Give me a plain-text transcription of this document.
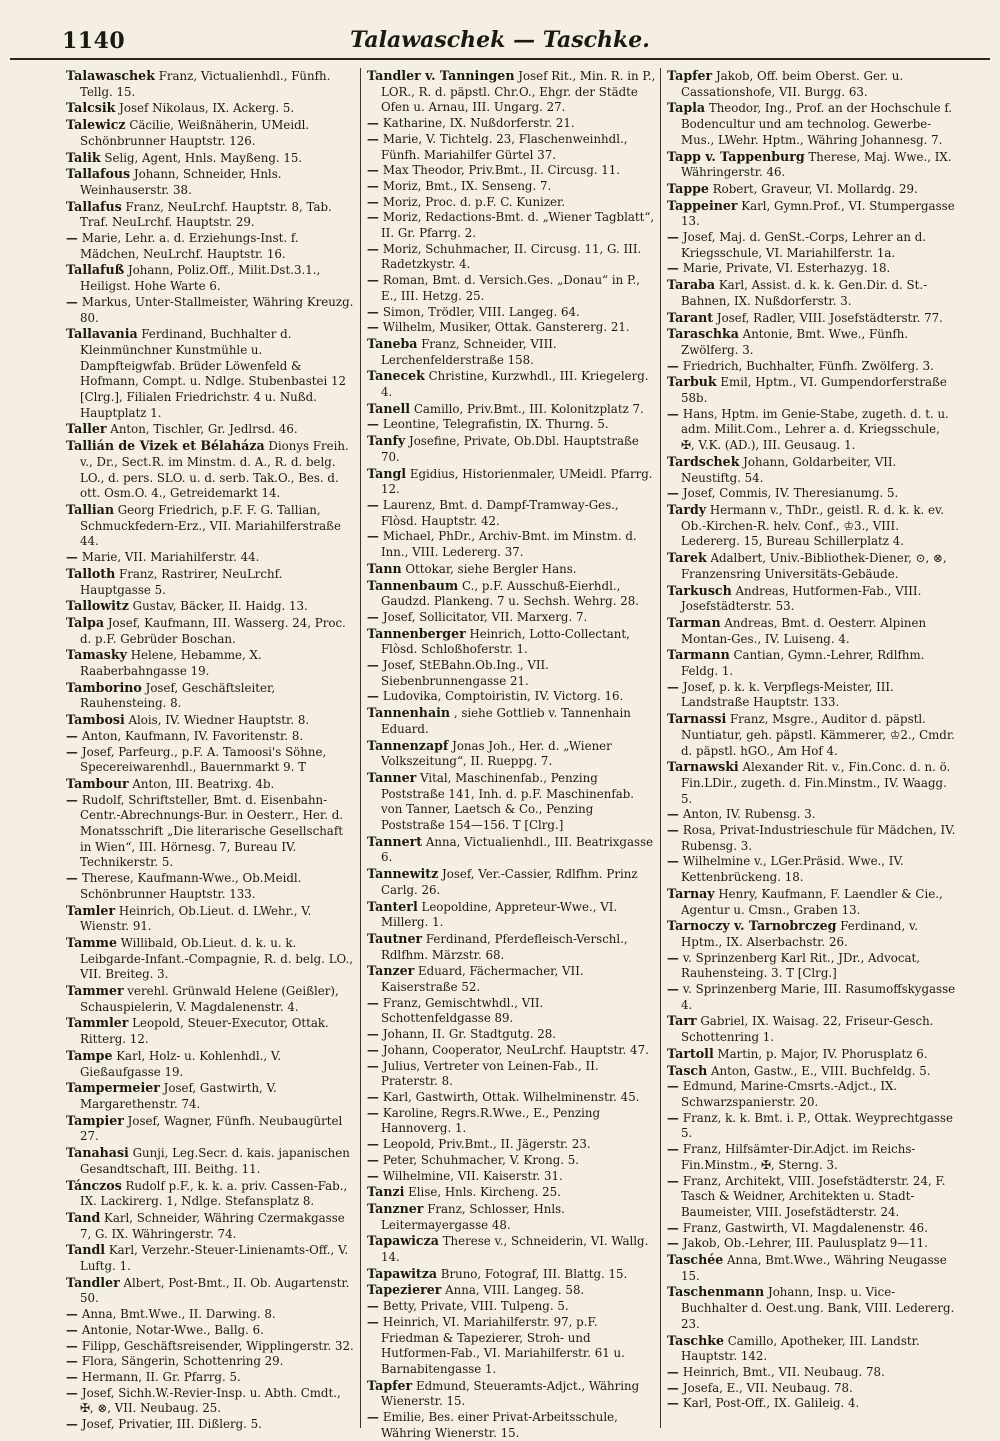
1140	Talawaschek — Taschke.

Talawaschek Franz, Victualienhdl., Fünfh. Tellg. 15.

Talcsik Josef Nikolaus, IX. Ackerg. 5.

Talewicz Cäcilie, Weißnäherin, UMeidl. Schönbrunner Hauptstr. 126.

Talik Selig, Agent, Hnls. Mayßeng. 15.

Tallafous Johann, Schneider, Hnls. Weinhauserstr. 38.

Tallafus Franz, NeuLrchf. Hauptstr. 8, Tab. Traf. NeuLrchf. Hauptstr. 29.

— Marie, Lehr. a. d. Erziehungs-Inst. f. Mädchen, NeuLrchf. Hauptstr. 16.

Tallafuß Johann, Poliz.Off., Milit.Dst.3.1., Heiligst. Hohe Warte 6.

— Markus, Unter-Stallmeister, Währing Kreuzg. 80.

Tallavania Ferdinand, Buchhalter d. Kleinmünchner Kunstmühle u. Dampfteigwfab. Brüder Löwenfeld & Hofmann, Compt. u. Ndlge. Stubenbastei 12 [Clrg.], Filialen Friedrichstr. 4 u. Nußd. Hauptplatz 1.

Taller Anton, Tischler, Gr. Jedlrsd. 46.

Tallián de Vizek et Bélaháza Dionys Freih. v., Dr., Sect.R. im Minstm. d. A., R. d. belg. LO., d. pers. SLO. u. d. serb. Tak.O., Bes. d. ott. Osm.O. 4., Getreidemarkt 14.

Tallian Georg Friedrich, p.F. F. G. Tallian, Schmuckfedern-Erz., VII. Mariahilferstraße 44.

— Marie, VII. Mariahilferstr. 44.

Talloth Franz, Rastrirer, NeuLrchf. Hauptgasse 5.

Tallowitz Gustav, Bäcker, II. Haidg. 13.

Talpa Josef, Kaufmann, III. Wasserg. 24, Proc. d. p.F. Gebrüder Boschan.

Tamasky Helene, Hebamme, X. Raaberbahngasse 19.

Tamborino Josef, Geschäftsleiter, Rauhensteing. 8.

Tambosi Alois, IV. Wiedner Hauptstr. 8.

— Anton, Kaufmann, IV. Favoritenstr. 8.

— Josef, Parfeurg., p.F. A. Tamoosi's Söhne, Specereiwarenhdl., Bauernmarkt 9. T

Tambour Anton, III. Beatrixg. 4b.

— Rudolf, Schriftsteller, Bmt. d. Eisenbahn-Centr.-Abrechnungs-Bur. in Oesterr., Her. d. Monatsschrift „Die literarische Gesellschaft in Wien“, III. Hörnesg. 7, Bureau IV. Technikerstr. 5.

— Therese, Kaufmann-Wwe., Ob.Meidl. Schönbrunner Hauptstr. 133.

Tamler Heinrich, Ob.Lieut. d. LWehr., V. Wienstr. 91.

Tamme Willibald, Ob.Lieut. d. k. u. k. Leibgarde-Infant.-Compagnie, R. d. belg. LO., VII. Breiteg. 3.

Tammer verehl. Grünwald Helene (Geißler), Schauspielerin, V. Magdalenenstr. 4.

Tammler Leopold, Steuer-Executor, Ottak. Ritterg. 12.

Tampe Karl, Holz- u. Kohlenhdl., V. Gießaufgasse 19.

Tampermeier Josef, Gastwirth, V. Margarethenstr. 74.

Tampier Josef, Wagner, Fünfh. Neubaugürtel 27.

Tanahasi Gunji, Leg.Secr. d. kais. japanischen Gesandtschaft, III. Beithg. 11.

Tánczos Rudolf p.F., k. k. a. priv. Cassen-Fab., IX. Lackirerg. 1, Ndlge. Stefansplatz 8.

Tand Karl, Schneider, Währing Czermakgasse 7, G. IX. Währingerstr. 74.

Tandl Karl, Verzehr.-Steuer-Linienamts-Off., V. Luftg. 1.

Tandler Albert, Post-Bmt., II. Ob. Augartenstr. 50.

— Anna, Bmt.Wwe., II. Darwing. 8.

— Antonie, Notar-Wwe., Ballg. 6.

— Filipp, Geschäftsreisender, Wipplingerstr. 32.

— Flora, Sängerin, Schottenring 29.

— Hermann, II. Gr. Pfarrg. 5.

— Josef, Sichh.W.-Revier-Insp. u. Abth. Cmdt., ✠, ⊗, VII. Neubaug. 25.

— Josef, Privatier, III. Dißlerg. 5.

Tandler v. Tanningen Josef Rit., Min. R. in P., LOR., R. d. päpstl. Chr.O., Ehgr. der Städte Ofen u. Arnau, III. Ungarg. 27.

— Katharine, IX. Nußdorferstr. 21.

— Marie, V. Tichtelg. 23, Flaschenweinhdl., Fünfh. Mariahilfer Gürtel 37.

— Max Theodor, Priv.Bmt., II. Circusg. 11.

— Moriz, Bmt., IX. Senseng. 7.

— Moriz, Proc. d. p.F. C. Kunizer.

— Moriz, Redactions-Bmt. d. „Wiener Tagblatt“, II. Gr. Pfarrg. 2.

— Moriz, Schuhmacher, II. Circusg. 11, G. III. Radetzkystr. 4.

— Roman, Bmt. d. Versich.Ges. „Donau“ in P., E., III. Hetzg. 25.

— Simon, Trödler, VIII. Langeg. 64.

— Wilhelm, Musiker, Ottak. Ganstererg. 21.

Taneba Franz, Schneider, VIII. Lerchenfelderstraße 158.

Tanecek Christine, Kurzwhdl., III. Kriegelerg. 4.

Tanell Camillo, Priv.Bmt., III. Kolonitzplatz 7.

— Leontine, Telegrafistin, IX. Thurng. 5.

Tanfy Josefine, Private, Ob.Dbl. Hauptstraße 70.

Tangl Egidius, Historienmaler, UMeidl. Pfarrg. 12.

— Laurenz, Bmt. d. Dampf-Tramway-Ges., Flòsd. Hauptstr. 42.

— Michael, PhDr., Archiv-Bmt. im Minstm. d. Inn., VIII. Ledererg. 37.

Tann Ottokar, siehe Bergler Hans.

Tannenbaum C., p.F. Ausschuß-Eierhdl., Gaudzd. Plankeng. 7 u. Sechsh. Wehrg. 28.

— Josef, Sollicitator, VII. Marxerg. 7.

Tannenberger Heinrich, Lotto-Collectant, Flòsd. Schloßhoferstr. 1.

— Josef, StEBahn.Ob.Ing., VII. Siebenbrunnengasse 21.

— Ludovika, Comptoiristin, IV. Victorg. 16.

Tannenhain , siehe Gottlieb v. Tannenhain Eduard.

Tannenzapf Jonas Joh., Her. d. „Wiener Volkszeitung“, II. Rueppg. 7.

Tanner Vital, Maschinenfab., Penzing Poststraße 141, Inh. d. p.F. Maschinenfab. von Tanner, Laetsch & Co., Penzing Poststraße 154—156. T [Clrg.]

Tannert Anna, Victualienhdl., III. Beatrixgasse 6.

Tannewitz Josef, Ver.-Cassier, Rdlfhm. Prinz Carlg. 26.

Tanterl Leopoldine, Appreteur-Wwe., VI. Millerg. 1.

Tautner Ferdinand, Pferdefleisch-Verschl., Rdlfhm. Märzstr. 68.

Tanzer Eduard, Fächermacher, VII. Kaiserstraße 52.

— Franz, Gemischtwhdl., VII. Schottenfeldgasse 89.

— Johann, II. Gr. Stadtgutg. 28.

— Johann, Cooperator, NeuLrchf. Hauptstr. 47.

— Julius, Vertreter von Leinen-Fab., II. Praterstr. 8.

— Karl, Gastwirth, Ottak. Wilhelminenstr. 45.

— Karoline, Regrs.R.Wwe., E., Penzing Hannoverg. 1.

— Leopold, Priv.Bmt., II. Jägerstr. 23.

— Peter, Schuhmacher, V. Krong. 5.

— Wilhelmine, VII. Kaiserstr. 31.

Tanzi Elise, Hnls. Kircheng. 25.

Tanzner Franz, Schlosser, Hnls. Leitermayergasse 48.

Tapawicza Therese v., Schneiderin, VI. Wallg. 14.

Tapawitza Bruno, Fotograf, III. Blattg. 15.

Tapezierer Anna, VIII. Langeg. 58.

— Betty, Private, VIII. Tulpeng. 5.

— Heinrich, VI. Mariahilferstr. 97, p.F. Friedman & Tapezierer, Stroh- und Hutformen-Fab., VI. Mariahilferstr. 61 u. Barnabitengasse 1.

Tapfer Edmund, Steueramts-Adjct., Währing Wienerstr. 15.

— Emilie, Bes. einer Privat-Arbeitsschule, Währing Wienerstr. 15.

Tapfer Jakob, Off. beim Oberst. Ger. u. Cassationshofe, VII. Burgg. 63.

Tapla Theodor, Ing., Prof. an der Hochschule f. Bodencultur und am technolog. Gewerbe-Mus., LWehr. Hptm., Währing Johannesg. 7.

Tapp v. Tappenburg Therese, Maj. Wwe., IX. Währingerstr. 46.

Tappe Robert, Graveur, VI. Mollardg. 29.

Tappeiner Karl, Gymn.Prof., VI. Stumpergasse 13.

— Josef, Maj. d. GenSt.-Corps, Lehrer an d. Kriegsschule, VI. Mariahilferstr. 1a.

— Marie, Private, VI. Esterhazyg. 18.

Taraba Karl, Assist. d. k. k. Gen.Dir. d. St.-Bahnen, IX. Nußdorferstr. 3.

Tarant Josef, Radler, VIII. Josefstädterstr. 77.

Taraschka Antonie, Bmt. Wwe., Fünfh. Zwölferg. 3.

— Friedrich, Buchhalter, Fünfh. Zwölferg. 3.

Tarbuk Emil, Hptm., VI. Gumpendorferstraße 58b.

— Hans, Hptm. im Genie-Stabe, zugeth. d. t. u. adm. Milit.Com., Lehrer a. d. Kriegsschule, ✠, V.K. (AD.), III. Geusaug. 1.

Tardschek Johann, Goldarbeiter, VII. Neustiftg. 54.

— Josef, Commis, IV. Theresianumg. 5.

Tardy Hermann v., ThDr., geistl. R. d. k. k. ev. Ob.-Kirchen-R. helv. Conf., ♔3., VIII. Ledererg. 15, Bureau Schillerplatz 4.

Tarek Adalbert, Univ.-Bibliothek-Diener, ⊙, ⊗, Franzensring Universitäts-Gebäude.

Tarkusch Andreas, Hutformen-Fab., VIII. Josefstädterstr. 53.

Tarman Andreas, Bmt. d. Oesterr. Alpinen Montan-Ges., IV. Luiseng. 4.

Tarmann Cantian, Gymn.-Lehrer, Rdlfhm. Feldg. 1.

— Josef, p. k. k. Verpflegs-Meister, III. Landstraße Hauptstr. 133.

Tarnassi Franz, Msgre., Auditor d. päpstl. Nuntiatur, geh. päpstl. Kämmerer, ♔2., Cmdr. d. päpstl. hGO., Am Hof 4.

Tarnawski Alexander Rit. v., Fin.Conc. d. n. ö. Fin.LDir., zugeth. d. Fin.Minstm., IV. Waagg. 5.

— Anton, IV. Rubensg. 3.

— Rosa, Privat-Industrieschule für Mädchen, IV. Rubensg. 3.

— Wilhelmine v., LGer.Präsid. Wwe., IV. Kettenbrückeng. 18.

Tarnay Henry, Kaufmann, F. Laendler & Cie., Agentur u. Cmsn., Graben 13.

Tarnoczy v. Tarnobrczeg Ferdinand, v. Hptm., IX. Alserbachstr. 26.

— v. Sprinzenberg Karl Rit., JDr., Advocat, Rauhensteing. 3. T [Clrg.]

— v. Sprinzenberg Marie, III. Rasumoffskygasse 4.

Tarr Gabriel, IX. Waisag. 22, Friseur-Gesch. Schottenring 1.

Tartoll Martin, p. Major, IV. Phorusplatz 6.

Tasch Anton, Gastw., E., VIII. Buchfeldg. 5.

— Edmund, Marine-Cmsrts.-Adjct., IX. Schwarzspanierstr. 20.

— Franz, k. k. Bmt. i. P., Ottak. Weyprechtgasse 5.

— Franz, Hilfsämter-Dir.Adjct. im Reichs-Fin.Minstm., ✠, Sterng. 3.

— Franz, Architekt, VIII. Josefstädterstr. 24, F. Tasch & Weidner, Architekten u. Stadt-Baumeister, VIII. Josefstädterstr. 24.

— Franz, Gastwirth, VI. Magdalenenstr. 46.

— Jakob, Ob.-Lehrer, III. Paulusplatz 9—11.

Taschée Anna, Bmt.Wwe., Währing Neugasse 15.

Taschenmann Johann, Insp. u. Vice-Buchhalter d. Oest.ung. Bank, VIII. Ledererg. 23.

Taschke Camillo, Apotheker, III. Landstr. Hauptstr. 142.

— Heinrich, Bmt., VII. Neubaug. 78.

— Josefa, E., VII. Neubaug. 78.

— Karl, Post-Off., IX. Galileig. 4.
